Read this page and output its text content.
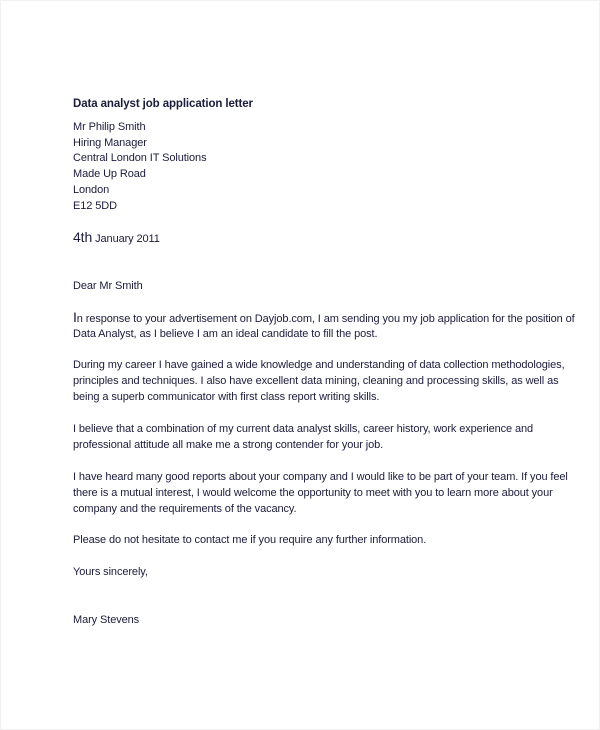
Data analyst job application letter
Mr Philip Smith
Hiring Manager
Central London IT Solutions
Made Up Road
London
E12 5DD
4th January 2011
Dear Mr Smith
In response to your advertisement on Dayjob.com, I am sending you my job application for the position of
Data Analyst, as I believe I am an ideal candidate to fill the post.
During my career I have gained a wide knowledge and understanding of data collection methodologies,
principles and techniques. I also have excellent data mining, cleaning and processing skills, as well as
being a superb communicator with first class report writing skills.
I believe that a combination of my current data analyst skills, career history, work experience and
professional attitude all make me a strong contender for your job.
I have heard many good reports about your company and I would like to be part of your team. If you feel
there is a mutual interest, I would welcome the opportunity to meet with you to learn more about your
company and the requirements of the vacancy.
Please do not hesitate to contact me if you require any further information.
Yours sincerely,
Mary Stevens
